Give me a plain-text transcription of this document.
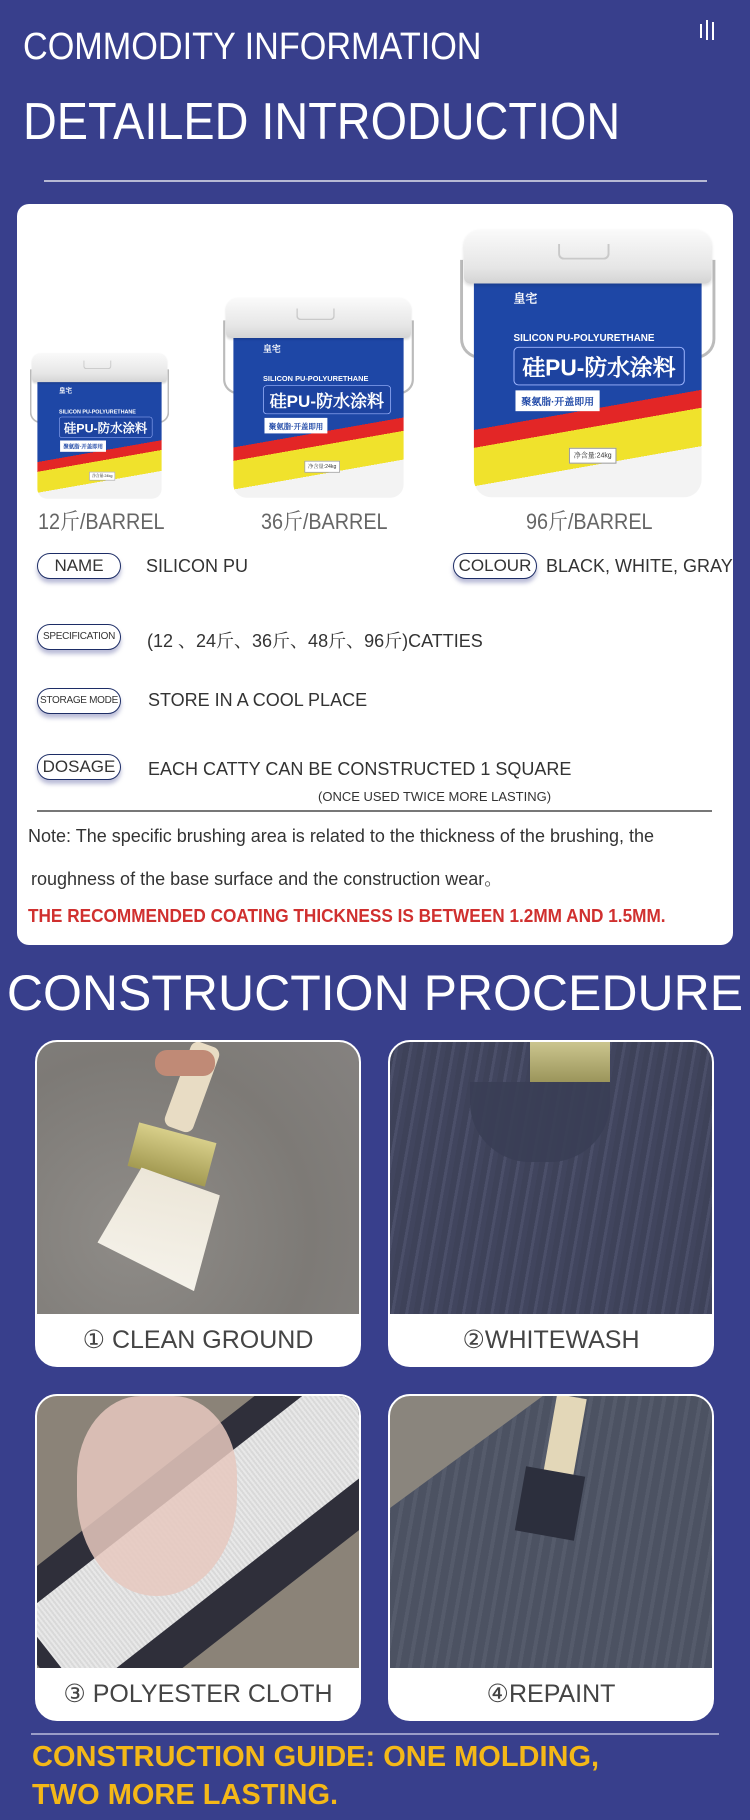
COMMODITY INFORMATION
DETAILED INTRODUCTION
皇宅
SILICON PU-POLYURETHANE
硅PU-防水涂料
聚氨脂·开盖即用
净含量:24kg
皇宅
SILICON PU-POLYURETHANE
硅PU-防水涂料
聚氨脂·开盖即用
净含量:24kg
皇宅
SILICON PU-POLYURETHANE
硅PU-防水涂料
聚氨脂·开盖即用
净含量:24kg
12斤/BARREL	36斤/BARREL	96斤/BARREL
NAME	SILICON PU	COLOUR BLACK, WHITE, GRAY
SPECIFICATION	(12 、24斤、36斤、48斤、96斤)CATTIES
STORAGE MODE STORE IN A COOL PLACE
DOSAGE	EACH CATTY CAN BE CONSTRUCTED 1 SQUARE
(ONCE USED TWICE MORE LASTING)
Note: The specific brushing area is related to the thickness of the brushing, the
roughness of the base surface and the construction wear。
THE RECOMMENDED COATING THICKNESS IS BETWEEN 1.2MM AND 1.5MM.
CONSTRUCTION PROCEDURE
① CLEAN GROUND	②WHITEWASH
③ POLYESTER CLOTH	④REPAINT
CONSTRUCTION GUIDE: ONE MOLDING,
TWO MORE LASTING.
